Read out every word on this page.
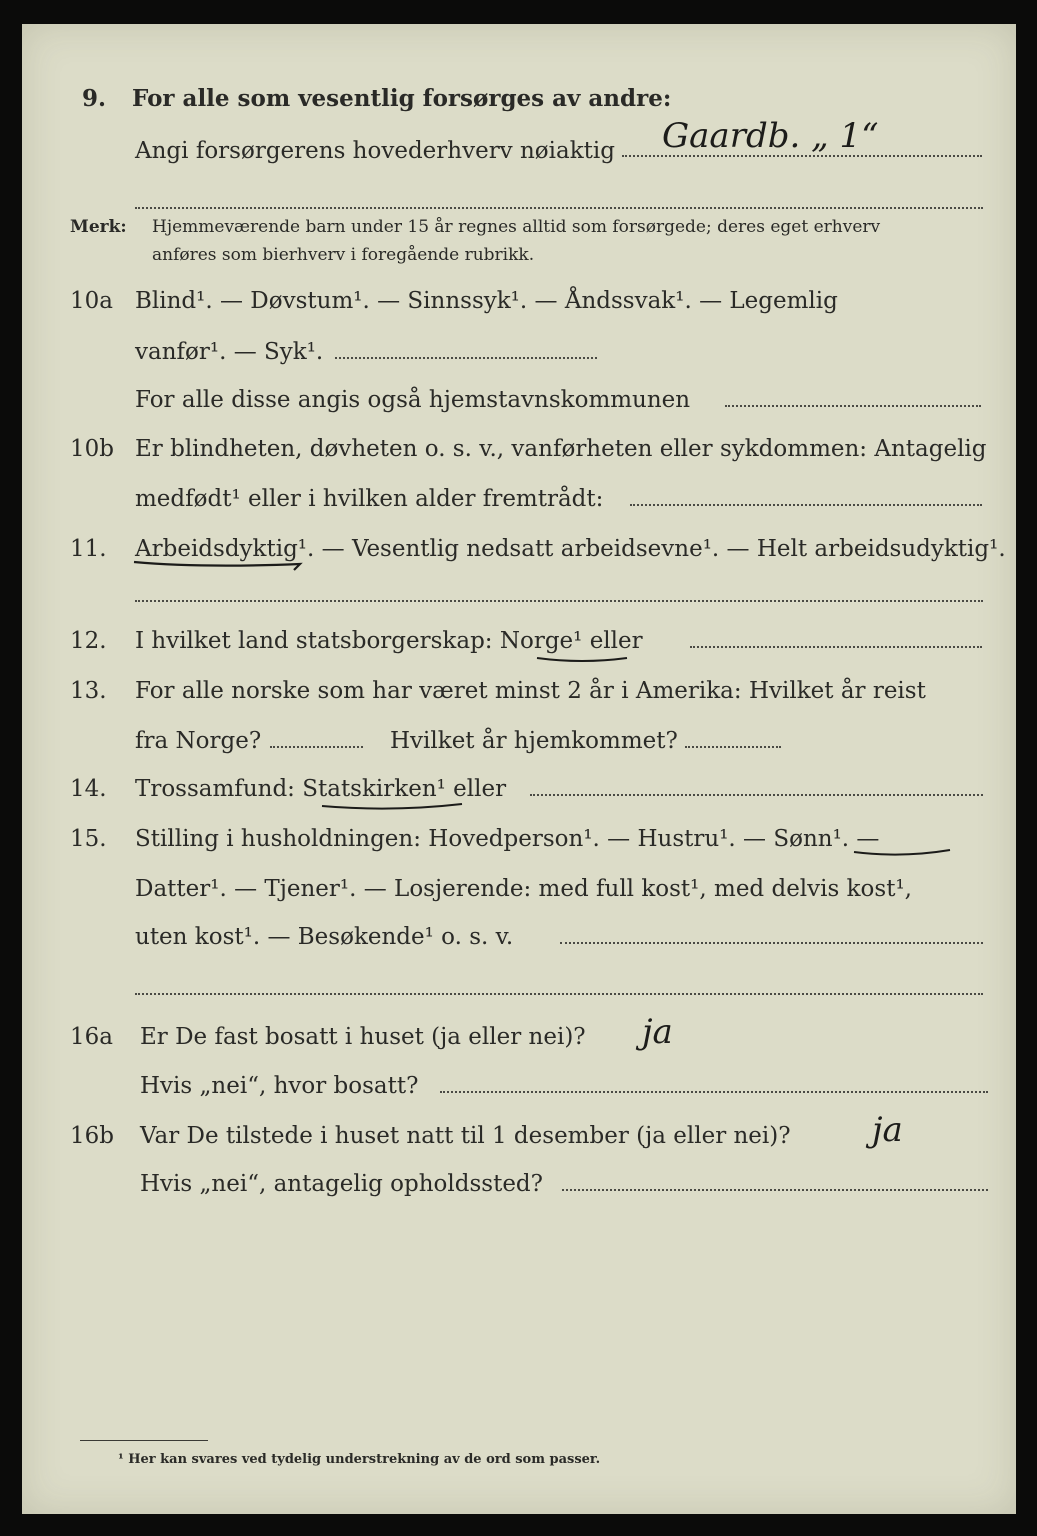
9. For alle som vesentlig forsørges av andre:
Angi forsørgerens hovederhverv nøiaktig Gaardb. „ 1“
Merk: Hjemmeværende barn under 15 år regnes alltid som forsørgede; deres eget erhverv
anføres som bierhverv i foregående rubrikk.
10a Blind¹. — Døvstum¹. — Sinnssyk¹. — Åndssvak¹. — Legemlig
vanfør¹. — Syk¹.
For alle disse angis også hjemstavnskommunen
10b Er blindheten, døvheten o. s. v., vanførheten eller sykdommen: Antagelig
medfødt¹ eller i hvilken alder fremtrådt:
11. Arbeidsdyktig¹. — Vesentlig nedsatt arbeidsevne¹. — Helt arbeidsudyktig¹.
12. I hvilket land statsborgerskap: Norge¹ eller
13. For alle norske som har været minst 2 år i Amerika: Hvilket år reist
fra Norge?	Hvilket år hjemkommet?
14. Trossamfund: Statskirken¹ eller
15. Stilling i husholdningen: Hovedperson¹. — Hustru¹. — Sønn¹. —
Datter¹. — Tjener¹. — Losjerende: med full kost¹, med delvis kost¹,
uten kost¹. — Besøkende¹ o. s. v.
16a Er De fast bosatt i huset (ja eller nei)? ja
Hvis „nei“, hvor bosatt?
16b Var De tilstede i huset natt til 1 desember (ja eller nei)? ja
Hvis „nei“, antagelig opholdssted?
¹ Her kan svares ved tydelig understrekning av de ord som passer.
